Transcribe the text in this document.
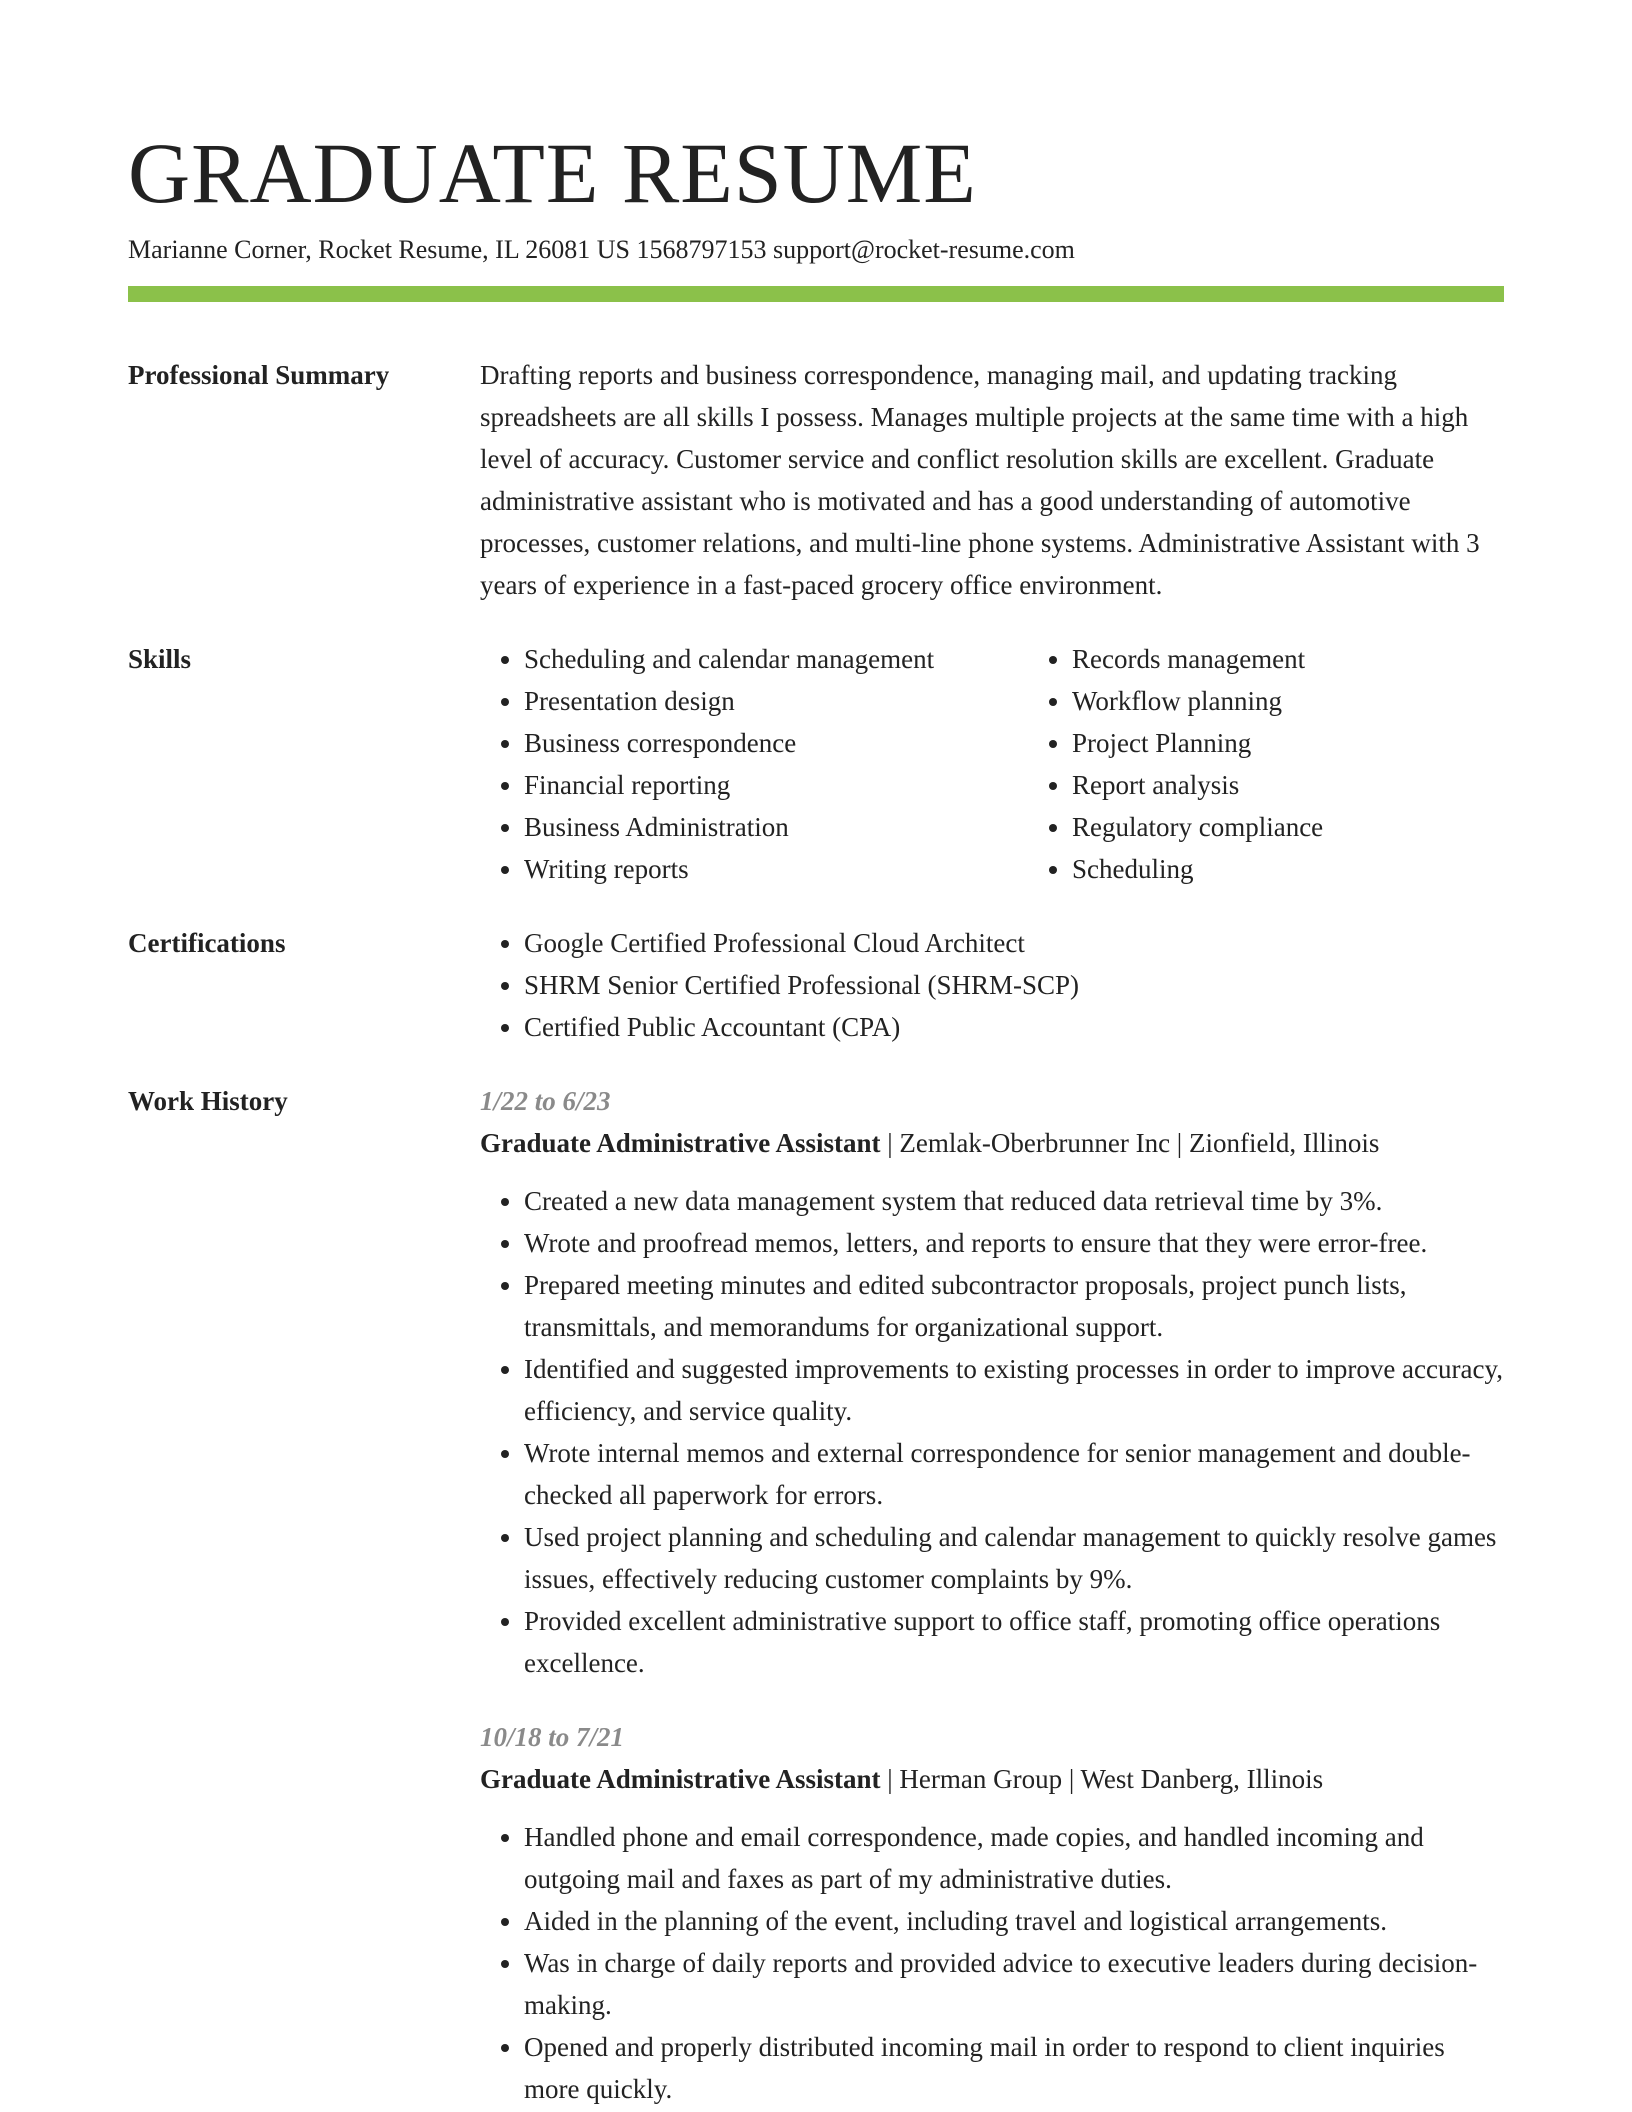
GRADUATE RESUME
Marianne Corner, Rocket Resume, IL 26081 US 1568797153 support@rocket-resume.com
Professional Summary	Drafting reports and business correspondence, managing mail, and updating tracking spreadsheets are all skills I possess. Manages multiple projects at the same time with a high level of accuracy. Customer service and conflict resolution skills are excellent. Graduate administrative assistant who is motivated and has a good understanding of automotive processes, customer relations, and multi-line phone systems. Administrative Assistant with 3 years of experience in a fast-paced grocery office environment.

Skills	• Scheduling and calendar management
• Presentation design
• Business correspondence
• Financial reporting
• Business Administration
• Writing reports
• Records management
• Workflow planning
• Project Planning
• Report analysis
• Regulatory compliance
• Scheduling
Certifications	• Google Certified Professional Cloud Architect
• SHRM Senior Certified Professional (SHRM-SCP)
• Certified Public Accountant (CPA)
Work History	1/22 to 6/23
Graduate Administrative Assistant | Zemlak-Oberbrunner Inc | Zionfield, Illinois
• Created a new data management system that reduced data retrieval time by 3%.
• Wrote and proofread memos, letters, and reports to ensure that they were error-free.
• Prepared meeting minutes and edited subcontractor proposals, project punch lists, transmittals, and memorandums for organizational support.
• Identified and suggested improvements to existing processes in order to improve accuracy, efficiency, and service quality.
• Wrote internal memos and external correspondence for senior management and double-checked all paperwork for errors.
• Used project planning and scheduling and calendar management to quickly resolve games issues, effectively reducing customer complaints by 9%.
• Provided excellent administrative support to office staff, promoting office operations excellence.
10/18 to 7/21
Graduate Administrative Assistant | Herman Group | West Danberg, Illinois
• Handled phone and email correspondence, made copies, and handled incoming and outgoing mail and faxes as part of my administrative duties.
• Aided in the planning of the event, including travel and logistical arrangements.
• Was in charge of daily reports and provided advice to executive leaders during decision-making.
• Opened and properly distributed incoming mail in order to respond to client inquiries more quickly.
